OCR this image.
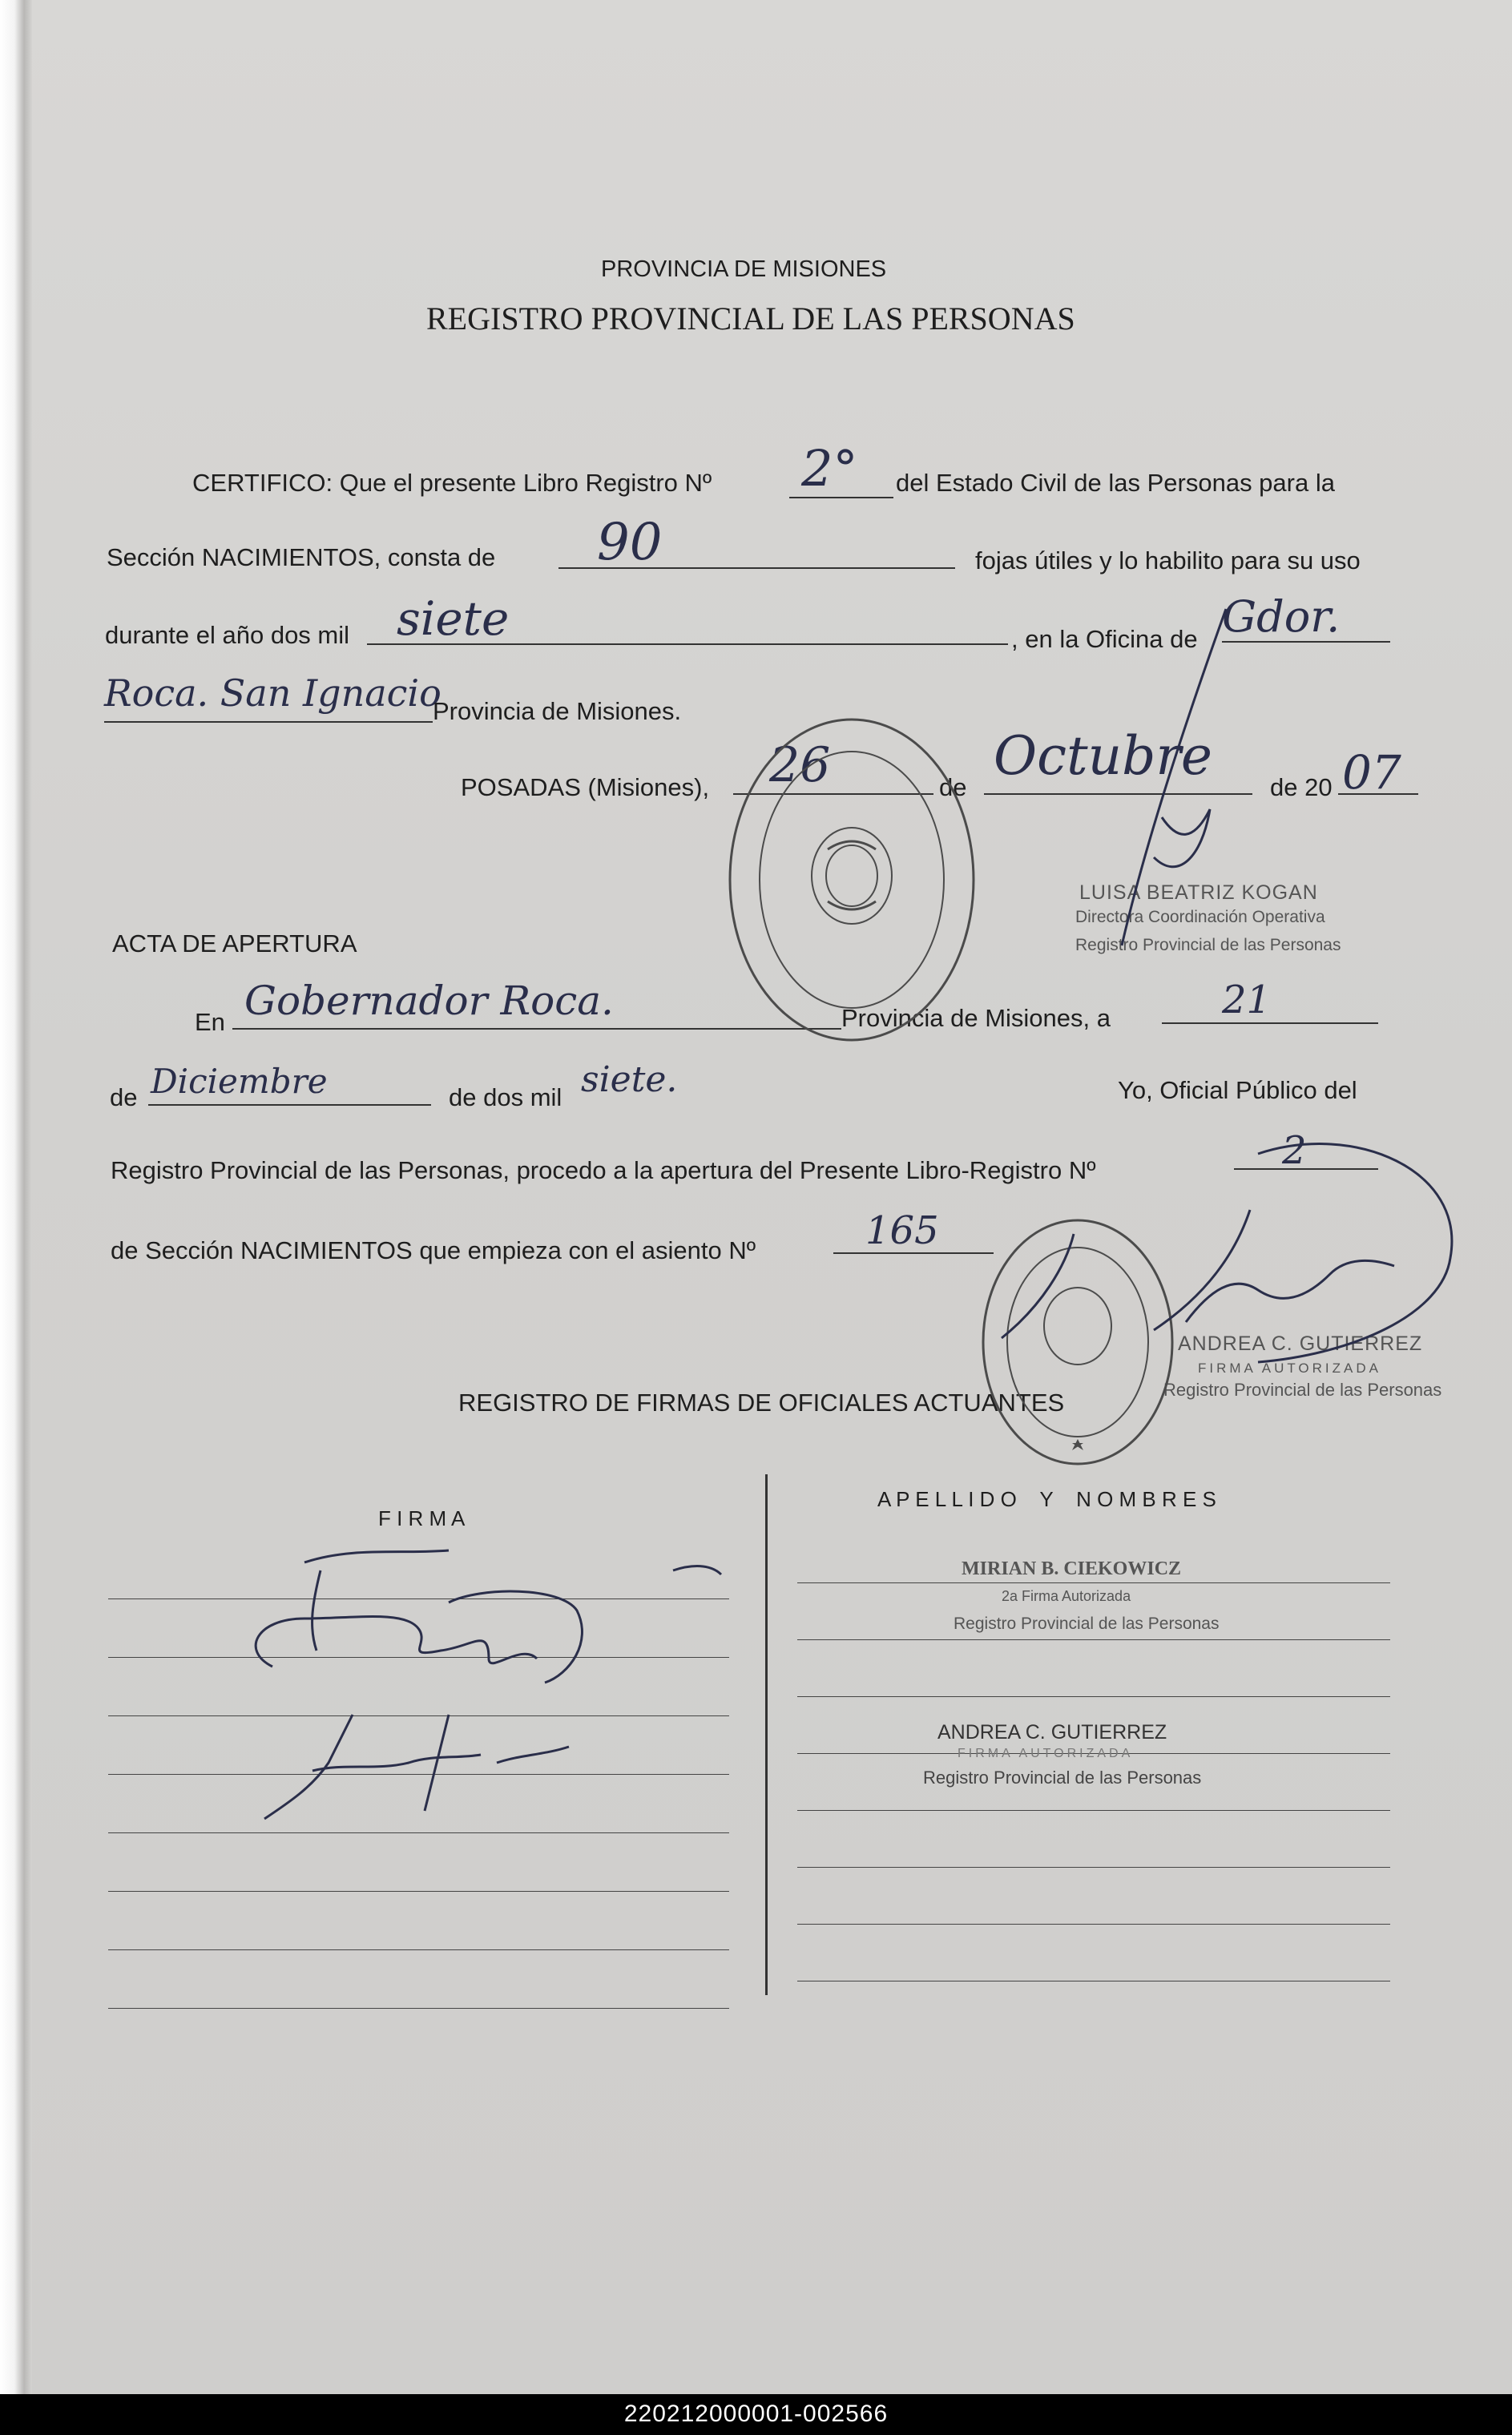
PROVINCIA DE MISIONES
REGISTRO PROVINCIAL DE LAS PERSONAS
CERTIFICO: Que el presente Libro Registro Nº 2° del Estado Civil de las Personas para la
Sección NACIMIENTOS, consta de 90	fojas útiles y lo habilito para su uso
durante el año dos mil siete	, en la Oficina de Gdor.
Roca. San Ignacio
Provincia de Misiones.
POSADAS (Misiones), 26	de
Octubre
de 20 07
LUISA BEATRIZ KOGAN
Directora Coordinación Operativa
Registro Provincial de las Personas
ACTA DE APERTURA
En Gobernador Roca.	Provincia de Misiones, a	21
de Diciembre	de dos mil siete.	Yo, Oficial Público del
Registro Provincial de las Personas, procedo a la apertura del Presente Libro-Registro Nº	2
de Sección NACIMIENTOS que empieza con el asiento Nº	165
ANDREA C. GUTIERREZ
FIRMA AUTORIZADA
Registro Provincial de las Personas
REGISTRO DE FIRMAS DE OFICIALES ACTUANTES
F I R M A
A P E L L I D O    Y    N O M B R E S
MIRIAN B. CIEKOWICZ
2a Firma Autorizada
Registro Provincial de las Personas
ANDREA C. GUTIERREZ
FIRMA AUTORIZADA
Registro Provincial de las Personas
220212000001-002566
